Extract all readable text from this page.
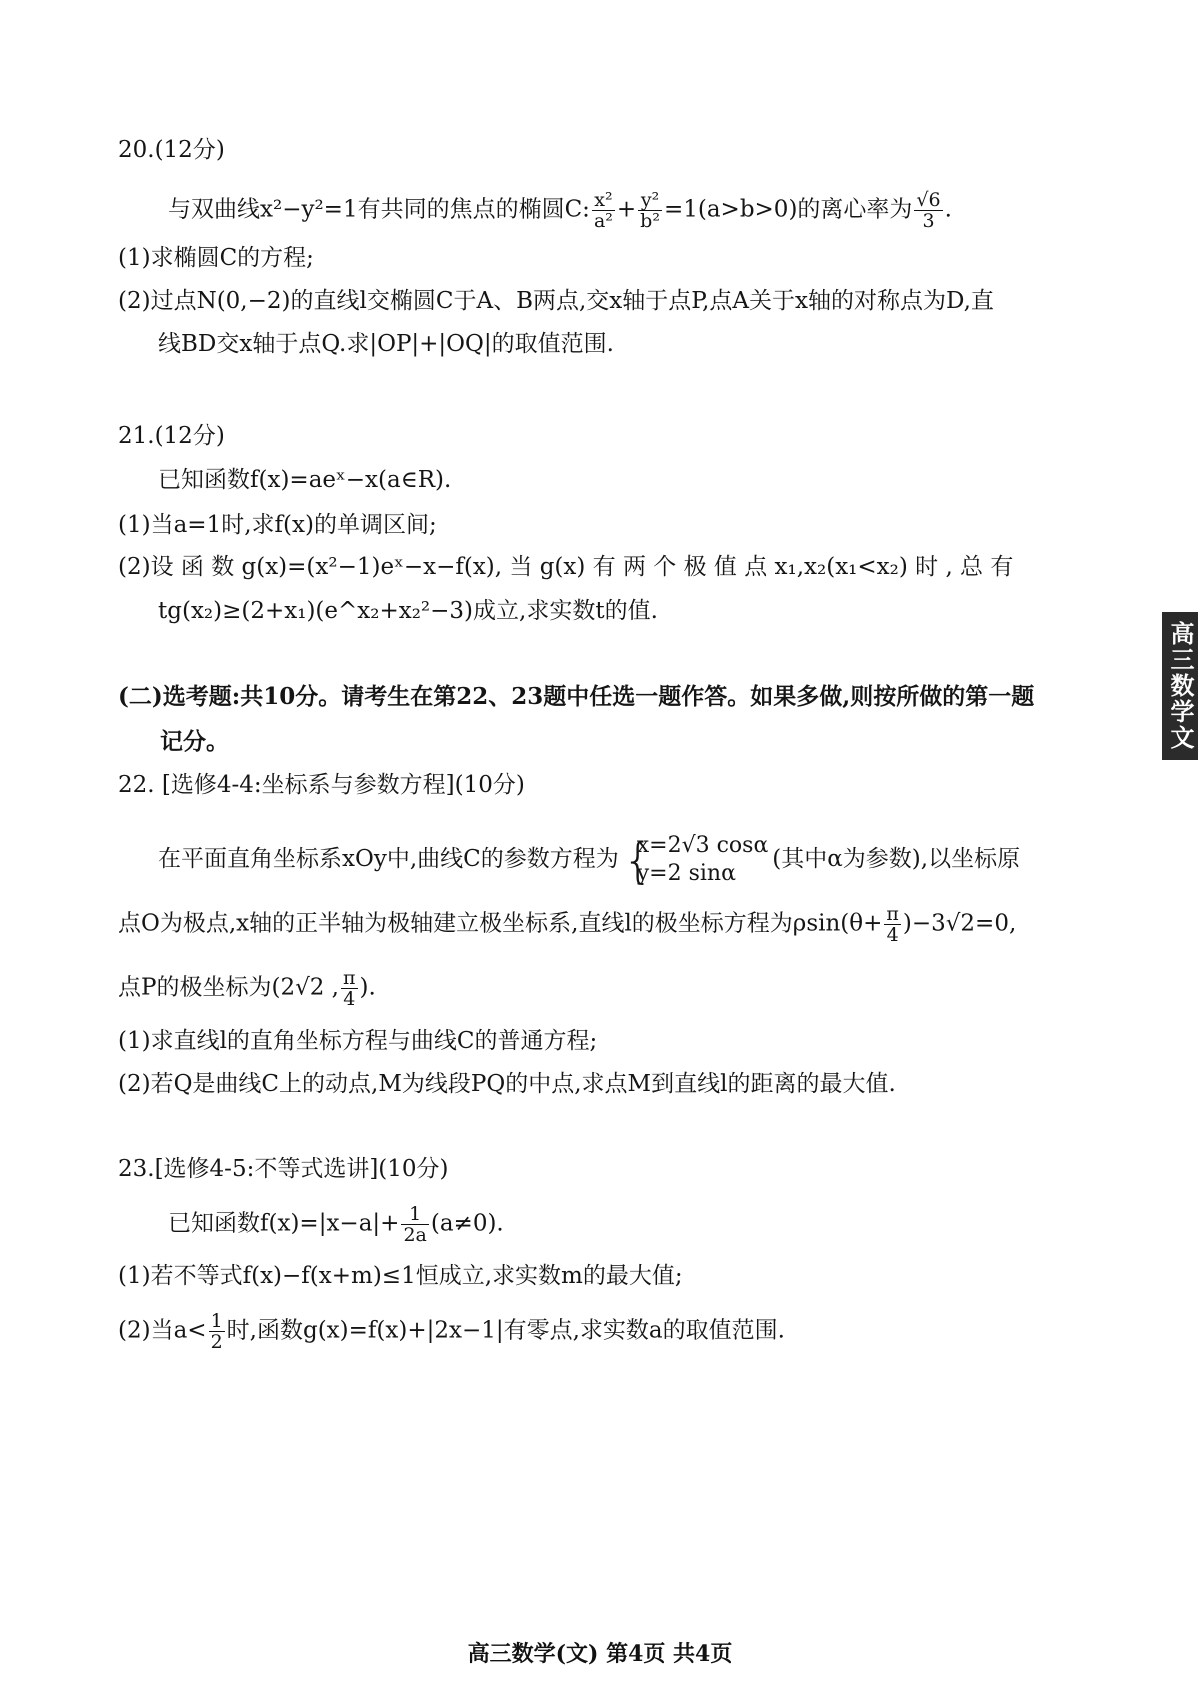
20.(12分)
与双曲线x²−y²=1有共同的焦点的椭圆C: $\frac{\text{x²}}{\text{a²}} + \frac{\text{y²}}{\text{b²}} =1(a>b>0)$的离心率为 $\frac{√6}{3}$ .
(1)求椭圆C的方程;
(2)过点N(0,−2)的直线l交椭圆C于A、B两点,交x轴于点P,点A关于x轴的对称点为D,直
线BD交x轴于点Q.求|OP|+|OQ|的取值范围.
21.(12分)
已知函数f(x)=aeˣ−x(a∈R).
(1)当a=1时,求f(x)的单调区间;
(2)设 函 数 g(x)=(x²−1)eˣ−x−f(x), 当 g(x) 有 两 个 极 值 点 x₁,x₂(x₁<x₂) 时 , 总 有
tg(x₂)≥(2+x₁)(e^x₂+x₂²−3)成立,求实数t的值.
(二)选考题:共10分。请考生在第22、23题中任选一题作答。如果多做,则按所做的第一题
记分。
22. [选修4-4:坐标系与参数方程](10分)
在平面直角坐标系xOy中,曲线C的参数方程为 {
x=2√3 cosα
y=2 sinα
(其中α为参数),以坐标原
点O为极点,x轴的正半轴为极轴建立极坐标系,直线l的极坐标方程为$\rho\sin(\theta+ \frac{\pi}{4} )-3√2=0$,
点P的极坐标为(2√2 , $\frac{\pi}{4}$ ).
(1)求直线l的直角坐标方程与曲线C的普通方程;
(2)若Q是曲线C上的动点,M为线段PQ的中点,求点M到直线l的距离的最大值.
23.[选修4-5:不等式选讲](10分)
已知函数$f(x)=|x-a|+ \frac{1}{2a} (a\ne 0)$.
(1)若不等式f(x)−f(x+m)≤1恒成立,求实数m的最大值;
(2)当$a< \frac{1}{2}$ 时,函数g(x)=f(x)+|2x−1|有零点,求实数a的取值范围.
高三数学文
高三数学(文) 第4页 共4页
